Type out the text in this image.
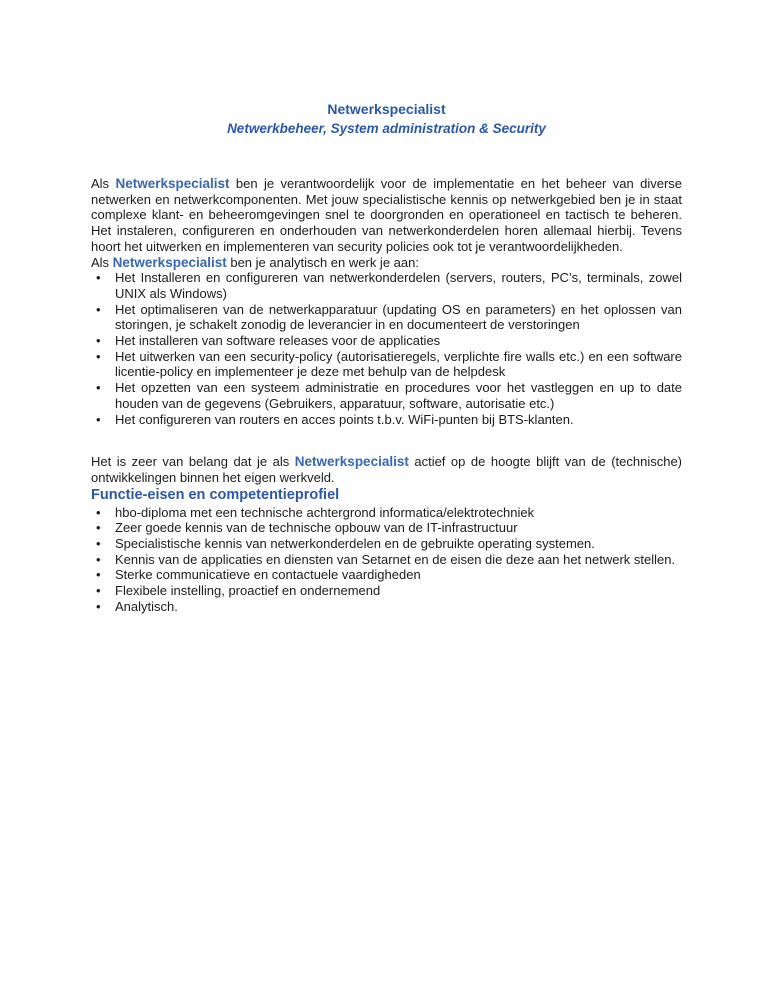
Netwerkspecialist
Netwerkbeheer, System administration & Security

Als Netwerkspecialist ben je verantwoordelijk voor de implementatie en het beheer van diverse netwerken en netwerkcomponenten. Met jouw specialistische kennis op netwerkgebied ben je in staat complexe klant- en beheeromgevingen snel te doorgronden en operationeel en tactisch te beheren. Het instaleren, configureren en onderhouden van netwerkonderdelen horen allemaal hierbij. Tevens hoort het uitwerken en implementeren van security policies ook tot je verantwoordelijkheden.

Als Netwerkspecialist ben je analytisch en werk je aan:

• Het Installeren en configureren van netwerkonderdelen (servers, routers, PC’s, terminals, zowel UNIX als Windows)
• Het optimaliseren van de netwerkapparatuur (updating OS en parameters) en het oplossen van storingen, je schakelt zonodig de leverancier in en documenteert de verstoringen
• Het installeren van software releases voor de applicaties
• Het uitwerken van een security-policy (autorisatieregels, verplichte fire walls etc.) en een software licentie-policy en implementeer je deze met behulp van de helpdesk
• Het opzetten van een systeem administratie en procedures voor het vastleggen en up to date houden van de gegevens (Gebruikers, apparatuur, software, autorisatie etc.)
• Het configureren van routers en acces points t.b.v. WiFi-punten bij BTS-klanten.

Het is zeer van belang dat je als Netwerkspecialist actief op de hoogte blijft van de (technische) ontwikkelingen binnen het eigen werkveld.

Functie-eisen en competentieprofiel
• hbo-diploma met een technische achtergrond informatica/elektrotechniek
• Zeer goede kennis van de technische opbouw van de IT-infrastructuur
• Specialistische kennis van netwerkonderdelen en de gebruikte operating systemen.
• Kennis van de applicaties en diensten van Setarnet en de eisen die deze aan het netwerk stellen.
• Sterke communicatieve en contactuele vaardigheden
• Flexibele instelling, proactief en ondernemend
• Analytisch.
